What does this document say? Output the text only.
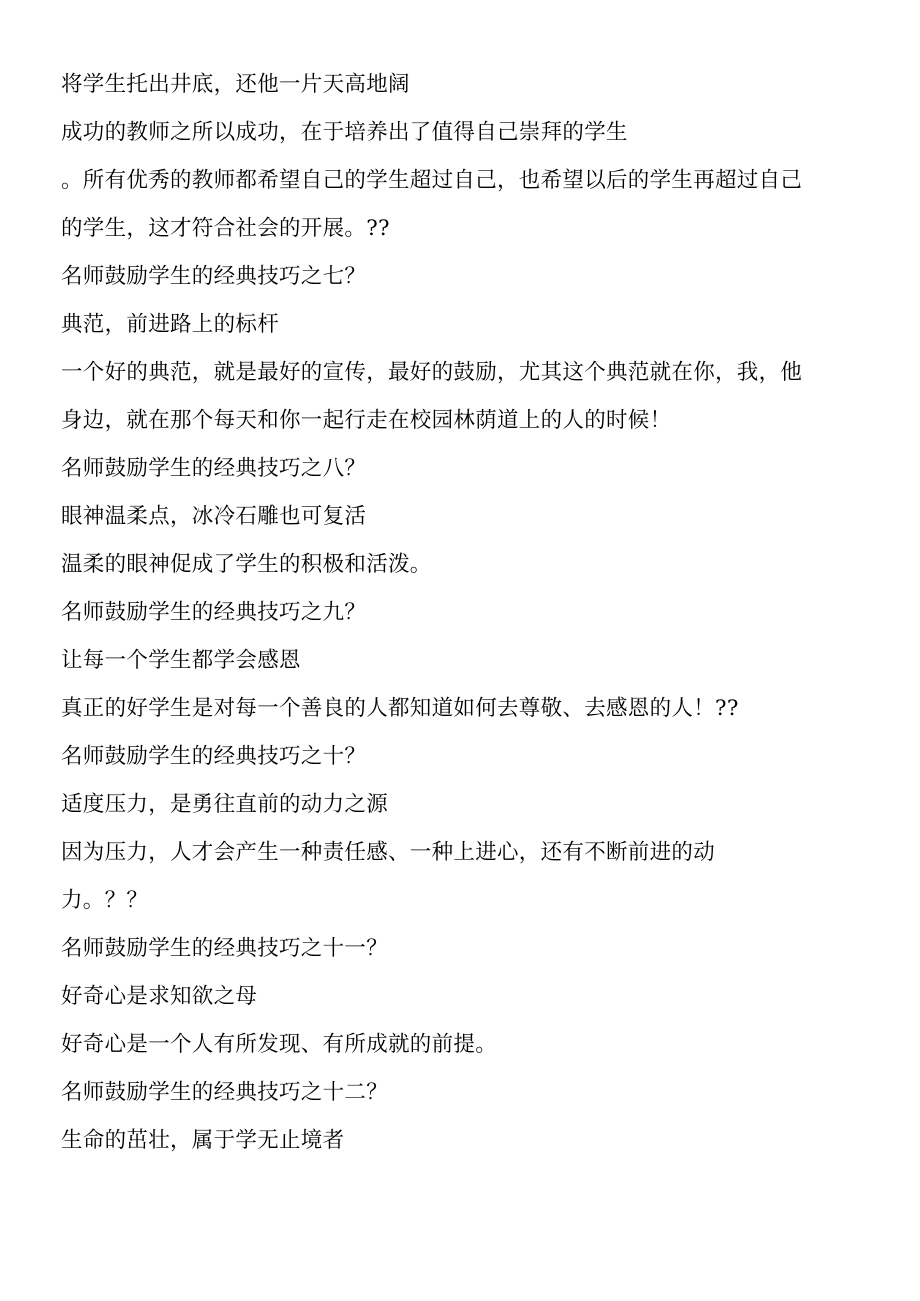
将学生托出井底，还他一片天高地阔

成功的教师之所以成功，在于培养出了值得自己崇拜的学生

。所有优秀的教师都希望自己的学生超过自己，也希望以后的学生再超过自己

的学生，这才符合社会的开展。??

名师鼓励学生的经典技巧之七？

典范，前进路上的标杆

一个好的典范，就是最好的宣传，最好的鼓励，尤其这个典范就在你，我，他

身边，就在那个每天和你一起行走在校园林荫道上的人的时候！

名师鼓励学生的经典技巧之八？

眼神温柔点，冰冷石雕也可复活

温柔的眼神促成了学生的积极和活泼。

名师鼓励学生的经典技巧之九？

让每一个学生都学会感恩

真正的好学生是对每一个善良的人都知道如何去尊敬、去感恩的人！??

名师鼓励学生的经典技巧之十？

适度压力，是勇往直前的动力之源

因为压力，人才会产生一种责任感、一种上进心，还有不断前进的动

力。？？

名师鼓励学生的经典技巧之十一？

好奇心是求知欲之母

好奇心是一个人有所发现、有所成就的前提。

名师鼓励学生的经典技巧之十二？

生命的茁壮，属于学无止境者
